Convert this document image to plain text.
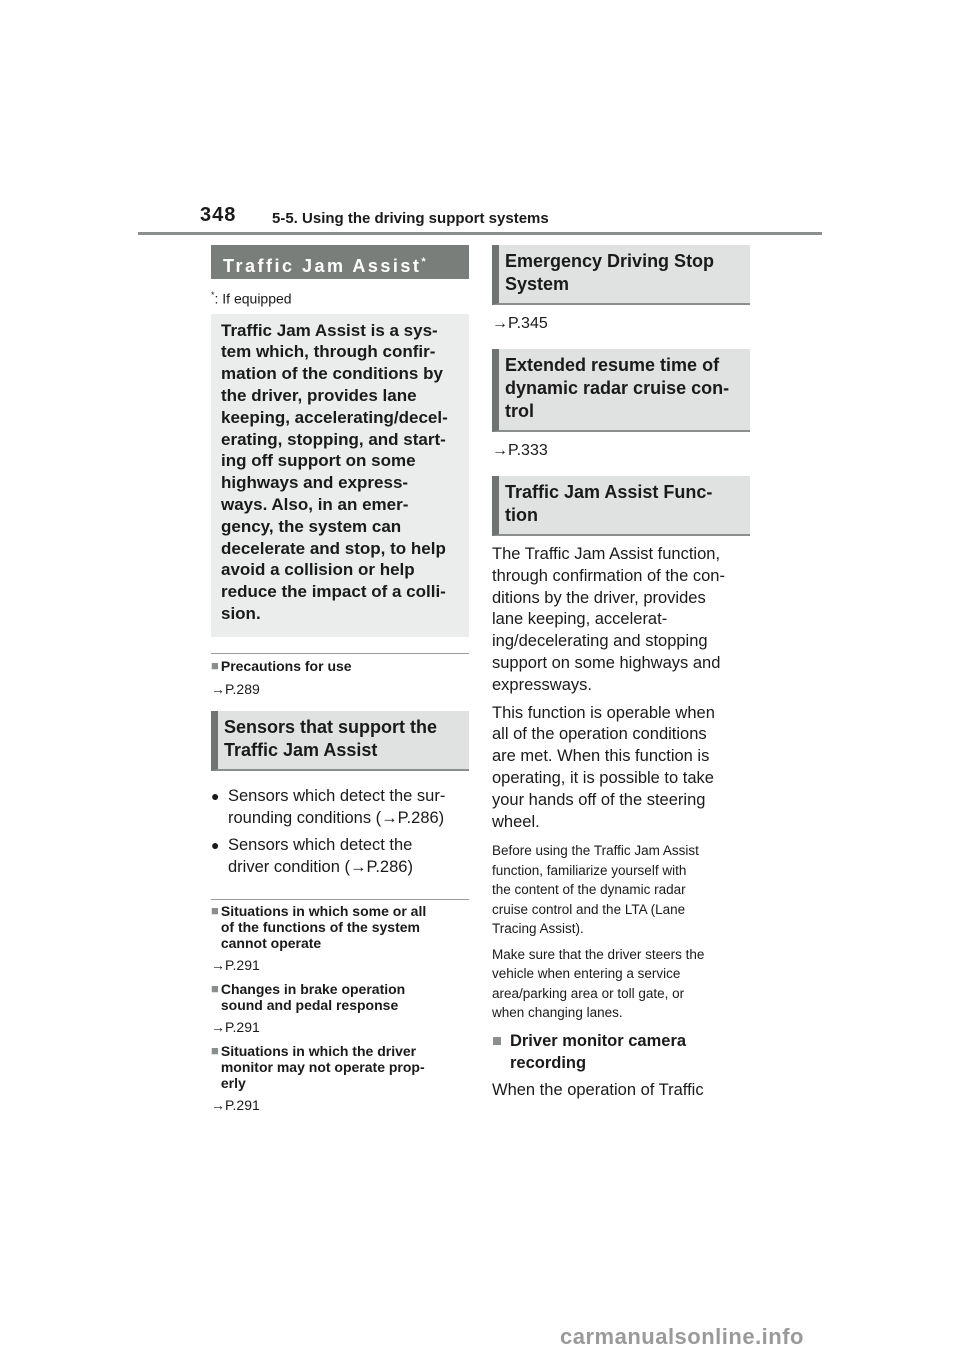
348 5-5. Using the driving support systems
Traffic Jam Assist*
*: If equipped
Traffic Jam Assist is a sys-
tem which, through confir-
mation of the conditions by
the driver, provides lane
keeping, accelerating/decel-
erating, stopping, and start-
ing off support on some
highways and express-
ways. Also, in an emer-
gency, the system can
decelerate and stop, to help
avoid a collision or help
reduce the impact of a colli-
sion.
■ Precautions for use
→P.289
Sensors that support the
Traffic Jam Assist
● Sensors which detect the sur-
rounding conditions (→P.286)
● Sensors which detect the
driver condition (→P.286)
■ Situations in which some or all
of the functions of the system
cannot operate
→P.291
■ Changes in brake operation
sound and pedal response
→P.291
■ Situations in which the driver
monitor may not operate prop-
erly
→P.291
Emergency Driving Stop
System
→P.345
Extended resume time of
dynamic radar cruise con-
trol
→P.333
Traffic Jam Assist Func-
tion
The Traffic Jam Assist function,
through confirmation of the con-
ditions by the driver, provides
lane keeping, accelerat-
ing/decelerating and stopping
support on some highways and
expressways.
This function is operable when
all of the operation conditions
are met. When this function is
operating, it is possible to take
your hands off of the steering
wheel.
Before using the Traffic Jam Assist
function, familiarize yourself with
the content of the dynamic radar
cruise control and the LTA (Lane
Tracing Assist).
Make sure that the driver steers the
vehicle when entering a service
area/parking area or toll gate, or
when changing lanes.
■ Driver monitor camera
recording
When the operation of Traffic
carmanualsonline.info
